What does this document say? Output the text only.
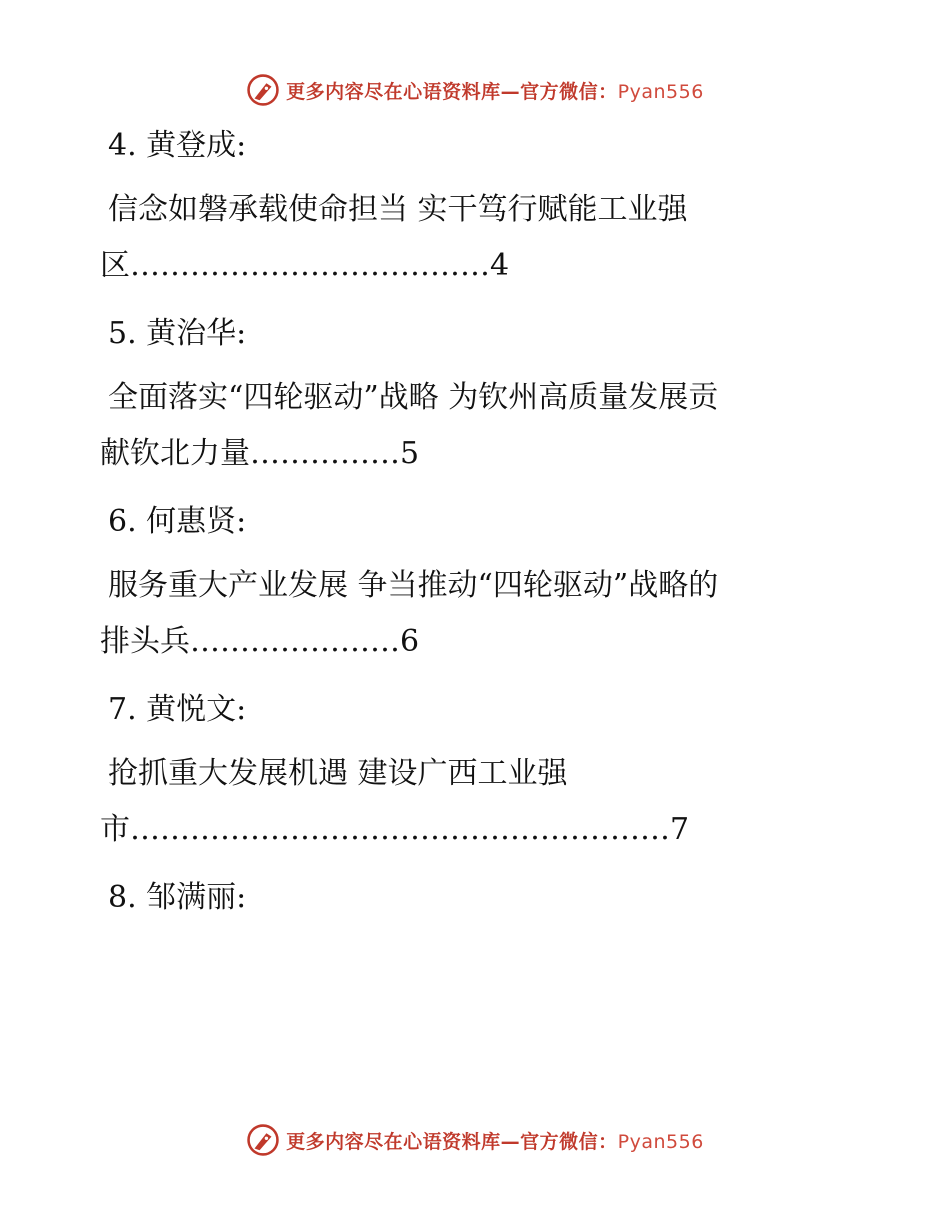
更多内容尽在心语资料库—官方微信：Pyan556

4. 黄登成:

信念如磐承载使命担当 实干笃行赋能工业强

区………………………………4

5. 黄治华:

全面落实“四轮驱动”战略 为钦州高质量发展贡

献钦北力量……………5

6. 何惠贤:

服务重大产业发展 争当推动“四轮驱动”战略的

排头兵…………………6

7. 黄悦文:

抢抓重大发展机遇 建设广西工业强

市………………………………………………7

8. 邹满丽:

更多内容尽在心语资料库—官方微信：Pyan556
